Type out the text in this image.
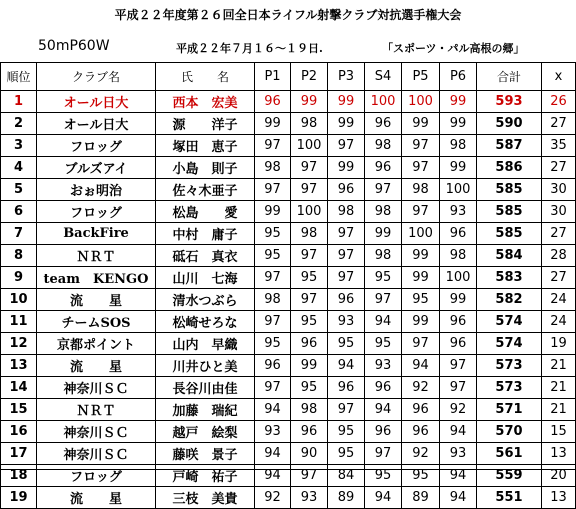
平成２２年度第２６回全日本ライフル射撃クラブ対抗選手権大会
50mP60W	平成２２年７月１６～１９日.	「スポーツ・パル高根の郷」
順位	クラブ名	氏　　名	P1	P2	P3	S4	P5	P6	合計	x
1	オール日大	西本　宏美	96	99	99	100	100	99	593	26
2	オール日大	源　　洋子	99	98	99	96	99	99	590	27
3	フロッグ	塚田　恵子	97	100	97	98	97	98	587	35
4	ブルズアイ	小島　則子	98	97	99	96	97	99	586	27
5	おぉ明治	佐々木亜子	97	97	96	97	98	100	585	30
6	フロッグ	松島　　愛	99	100	98	98	97	93	585	30
7	BackFire	中村　庸子	95	98	97	99	100	96	585	27
8	ＮＲＴ	砥石　真衣	95	97	97	98	99	98	584	28
9	team　KENGO	山川　七海	97	95	97	95	99	100	583	27
10	流　　星	清水つぶら	98	97	96	97	95	99	582	24
11	チームSOS	松崎せろな	97	95	93	94	99	96	574	24
12	京都ポイント	山内　早織	95	96	95	95	97	96	574	19
13	流　　星	川井ひと美	96	99	94	93	94	97	573	21
14	神奈川ＳＣ	長谷川由佳	97	95	96	96	92	97	573	21
15	ＮＲＴ	加藤　瑞紀	94	98	97	94	96	92	571	21
16	神奈川ＳＣ	越戸　絵梨	93	96	95	96	96	94	570	15
17	神奈川ＳＣ	藤咲　景子	94	90	95	97	92	93	561	13
18	フロッグ	戸崎　祐子	94	97	84	95	95	94	559	20
19	流　　星	三枝　美貴	92	93	89	94	89	94	551	13
